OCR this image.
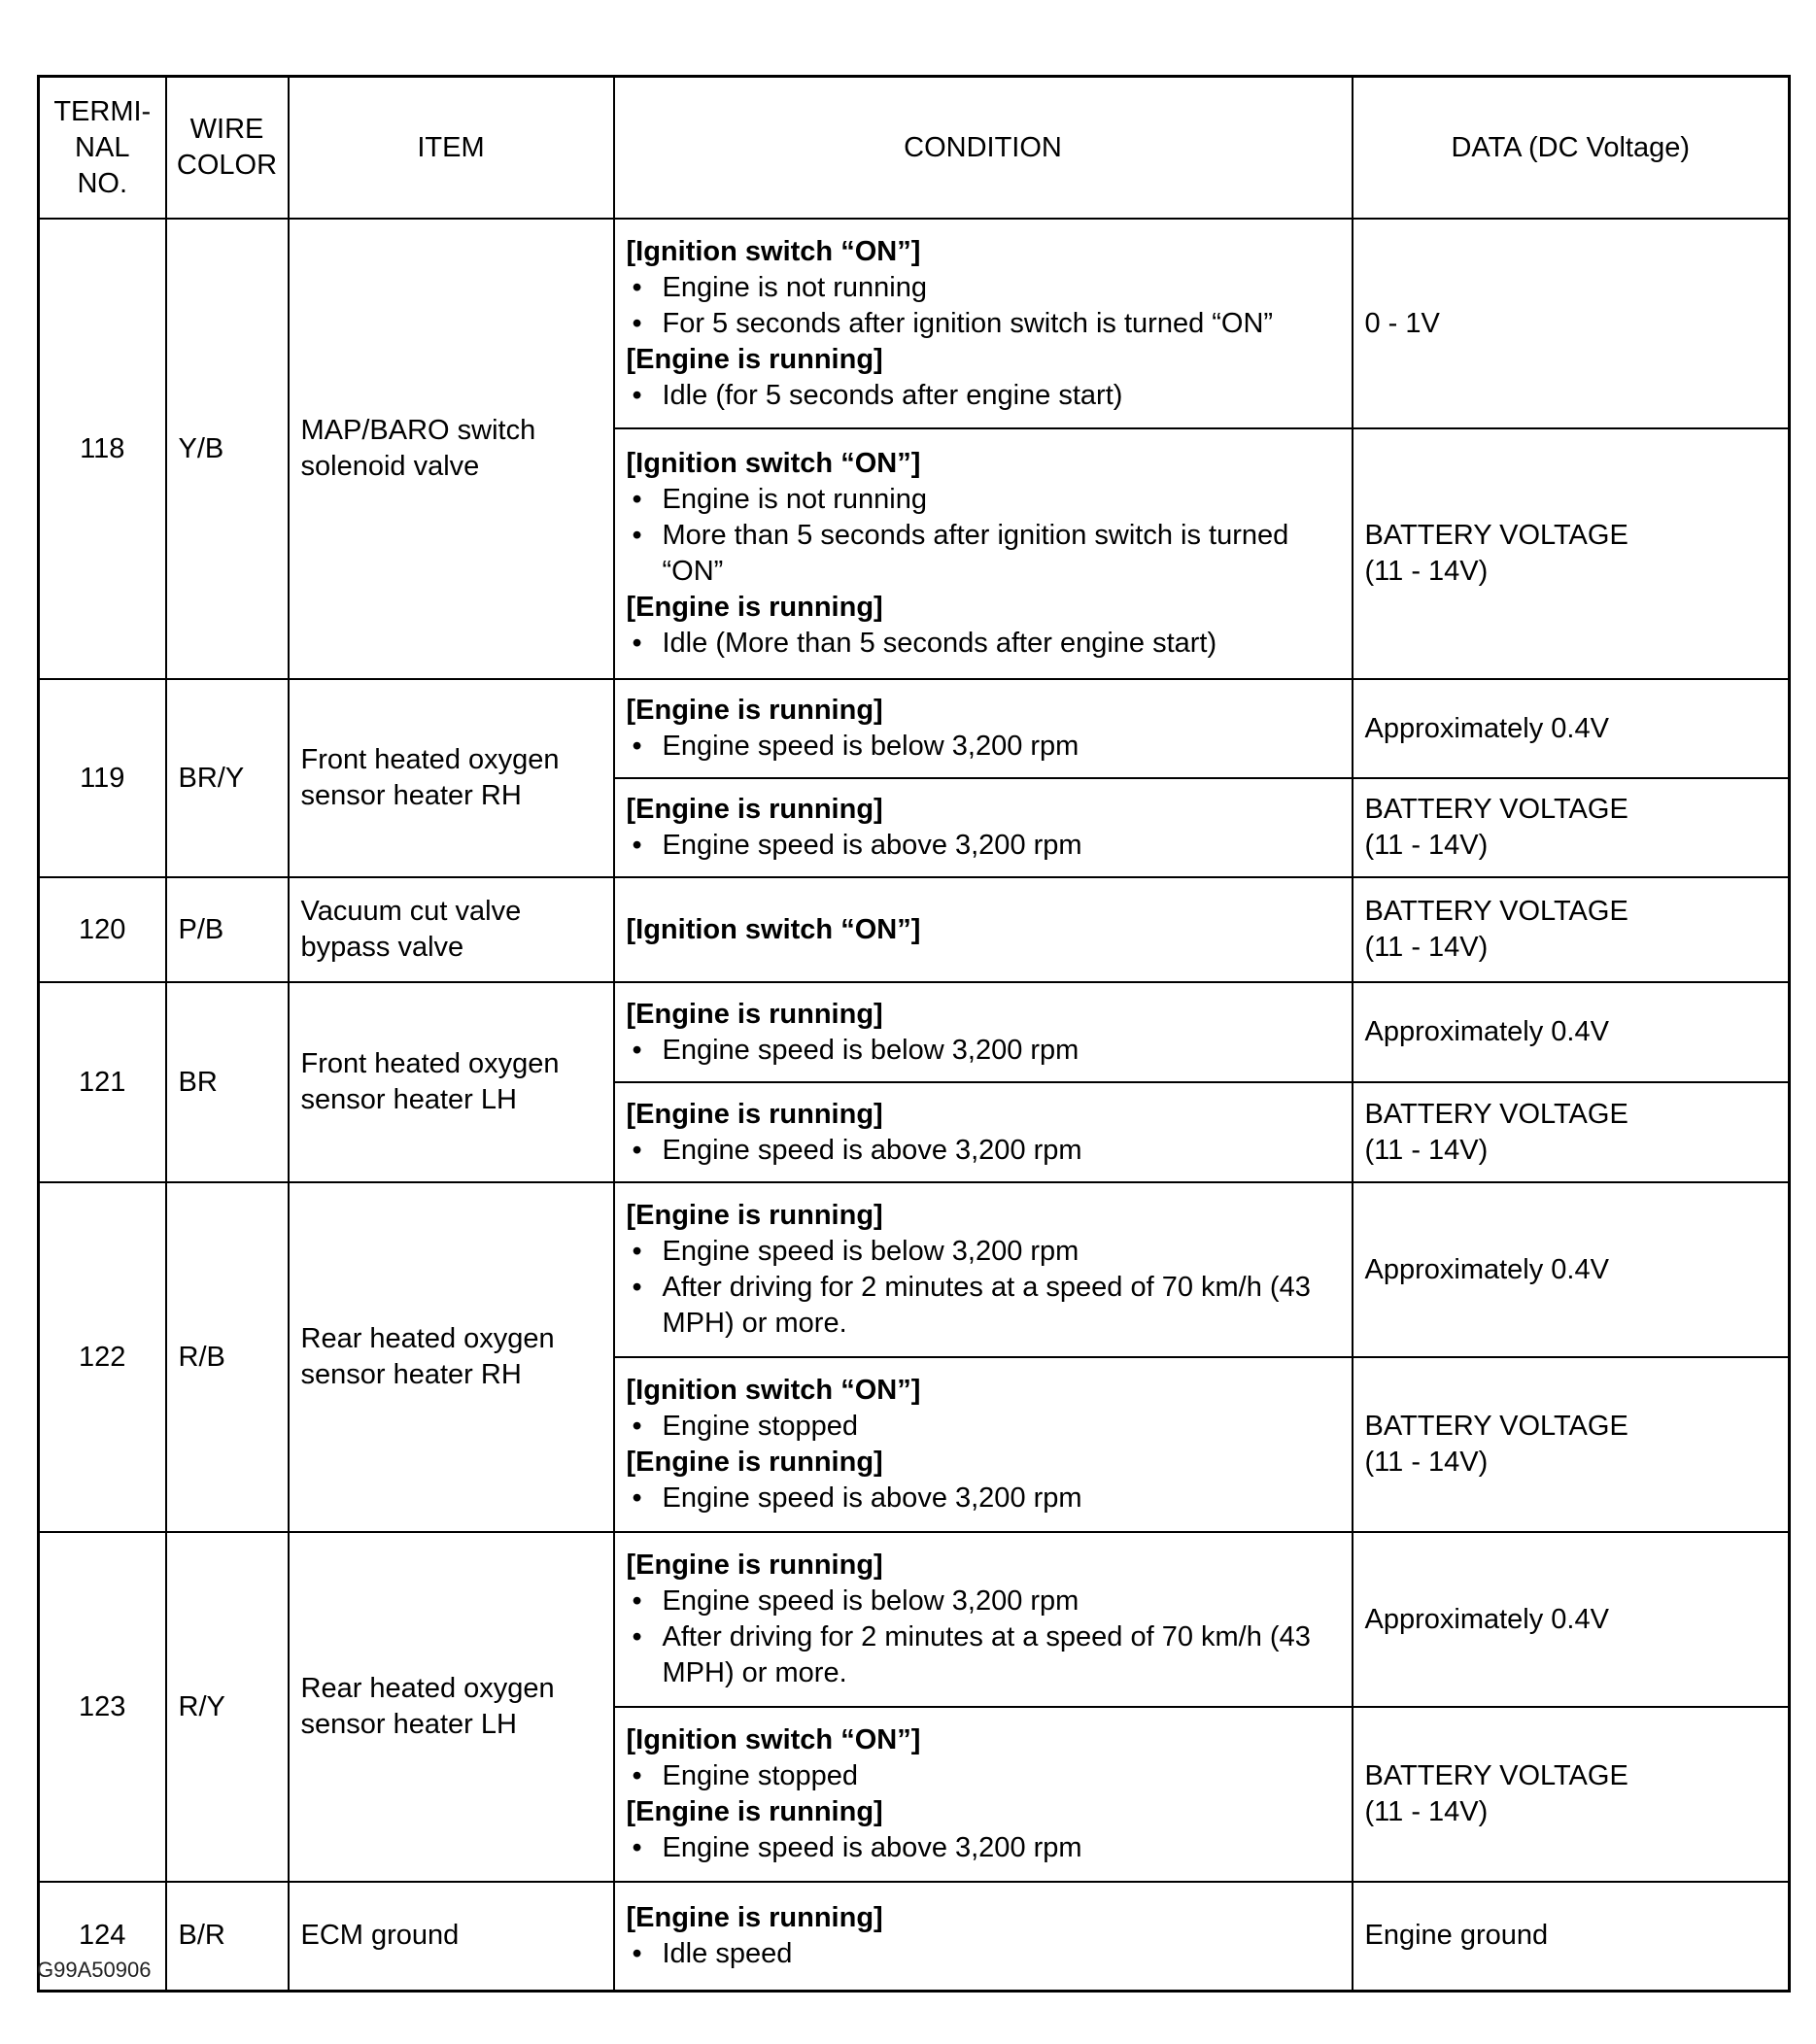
TERMI-
NAL
NO.	WIRE
COLOR	ITEM	CONDITION	DATA (DC Voltage)
118	Y/B	MAP/BARO switch
solenoid valve	[Ignition switch “ON”]
• Engine is not running
• For 5 seconds after ignition switch is turned “ON”
[Engine is running]
• Idle (for 5 seconds after engine start)	0 - 1V

			[Ignition switch “ON”]
• Engine is not running
• More than 5 seconds after ignition switch is turned “ON”
[Engine is running]
• Idle (More than 5 seconds after engine start)	BATTERY VOLTAGE
(11 - 14V)

119	BR/Y	Front heated oxygen
sensor heater RH	[Engine is running]
• Engine speed is below 3,200 rpm	Approximately 0.4V

			[Engine is running]
• Engine speed is above 3,200 rpm	BATTERY VOLTAGE
(11 - 14V)

120	P/B	Vacuum cut valve
bypass valve	[Ignition switch “ON”]	BATTERY VOLTAGE
(11 - 14V)

121	BR	Front heated oxygen
sensor heater LH	[Engine is running]
• Engine speed is below 3,200 rpm	Approximately 0.4V

			[Engine is running]
• Engine speed is above 3,200 rpm	BATTERY VOLTAGE
(11 - 14V)

122	R/B	Rear heated oxygen
sensor heater RH	[Engine is running]
• Engine speed is below 3,200 rpm
• After driving for 2 minutes at a speed of 70 km/h (43 MPH) or more.	Approximately 0.4V

			[Ignition switch “ON”]
• Engine stopped
[Engine is running]
• Engine speed is above 3,200 rpm	BATTERY VOLTAGE
(11 - 14V)

123	R/Y	Rear heated oxygen
sensor heater LH	[Engine is running]
• Engine speed is below 3,200 rpm
• After driving for 2 minutes at a speed of 70 km/h (43 MPH) or more.	Approximately 0.4V

			[Ignition switch “ON”]
• Engine stopped
[Engine is running]
• Engine speed is above 3,200 rpm	BATTERY VOLTAGE
(11 - 14V)

124	B/R	ECM ground	[Engine is running]
• Idle speed	Engine ground
G99A50906
